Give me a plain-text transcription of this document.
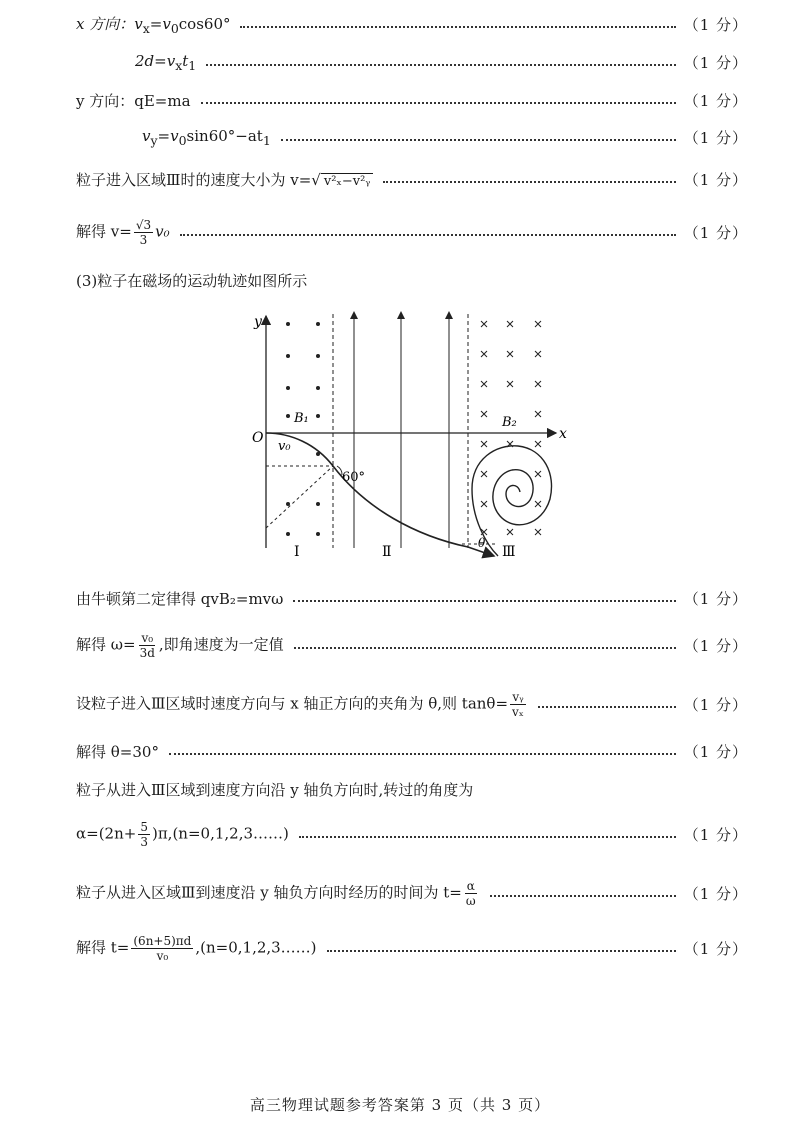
x 方向：$v_x=v_0\cos 60^\circ$	（1 分）
$2d=v_xt_1$	（1 分）
y 方向：qE=ma	（1 分）
$v_y=v_0\sin 60^\circ-at_1$	（1 分）
粒子进入区域Ⅲ时的速度大小为 v=√ v²ₓ−v²ᵧ	（1 分）
解得 $v= \frac{√3}{3} v_0$	（1 分）
(3)粒子在磁场的运动轨迹如图所示
y
x
O
B₁	B₂
v₀
60°
θ
Ⅰ	Ⅱ	Ⅲ
由牛顿第二定律得 qvB₂=mvω	（1 分）
解得 $\omega= \frac{\text{v₀}}{3d}$ ,即角速度为一定值	（1 分）
设粒子进入Ⅲ区域时速度方向与 x 轴正方向的夹角为 θ,则 $\tan\theta= \frac{\text{vᵧ}}{\text{vₓ}}$	（1 分）
解得 θ=30°	（1 分）
粒子从进入Ⅲ区域到速度方向沿 y 轴负方向时,转过的角度为
$\alpha=(2n+ \frac{5}{3}$ )π,(n=0,1,2,3……)	（1 分）
粒子从进入区域Ⅲ到速度沿 y 轴负方向时经历的时间为 $t= \frac{\alpha}{\omega}$	（1 分）
解得 $t= \frac{(6n+5)\pi d}{\text{v₀}}$ ,(n=0,1,2,3……)	（1 分）
高三物理试题参考答案第 3 页（共 3 页）
